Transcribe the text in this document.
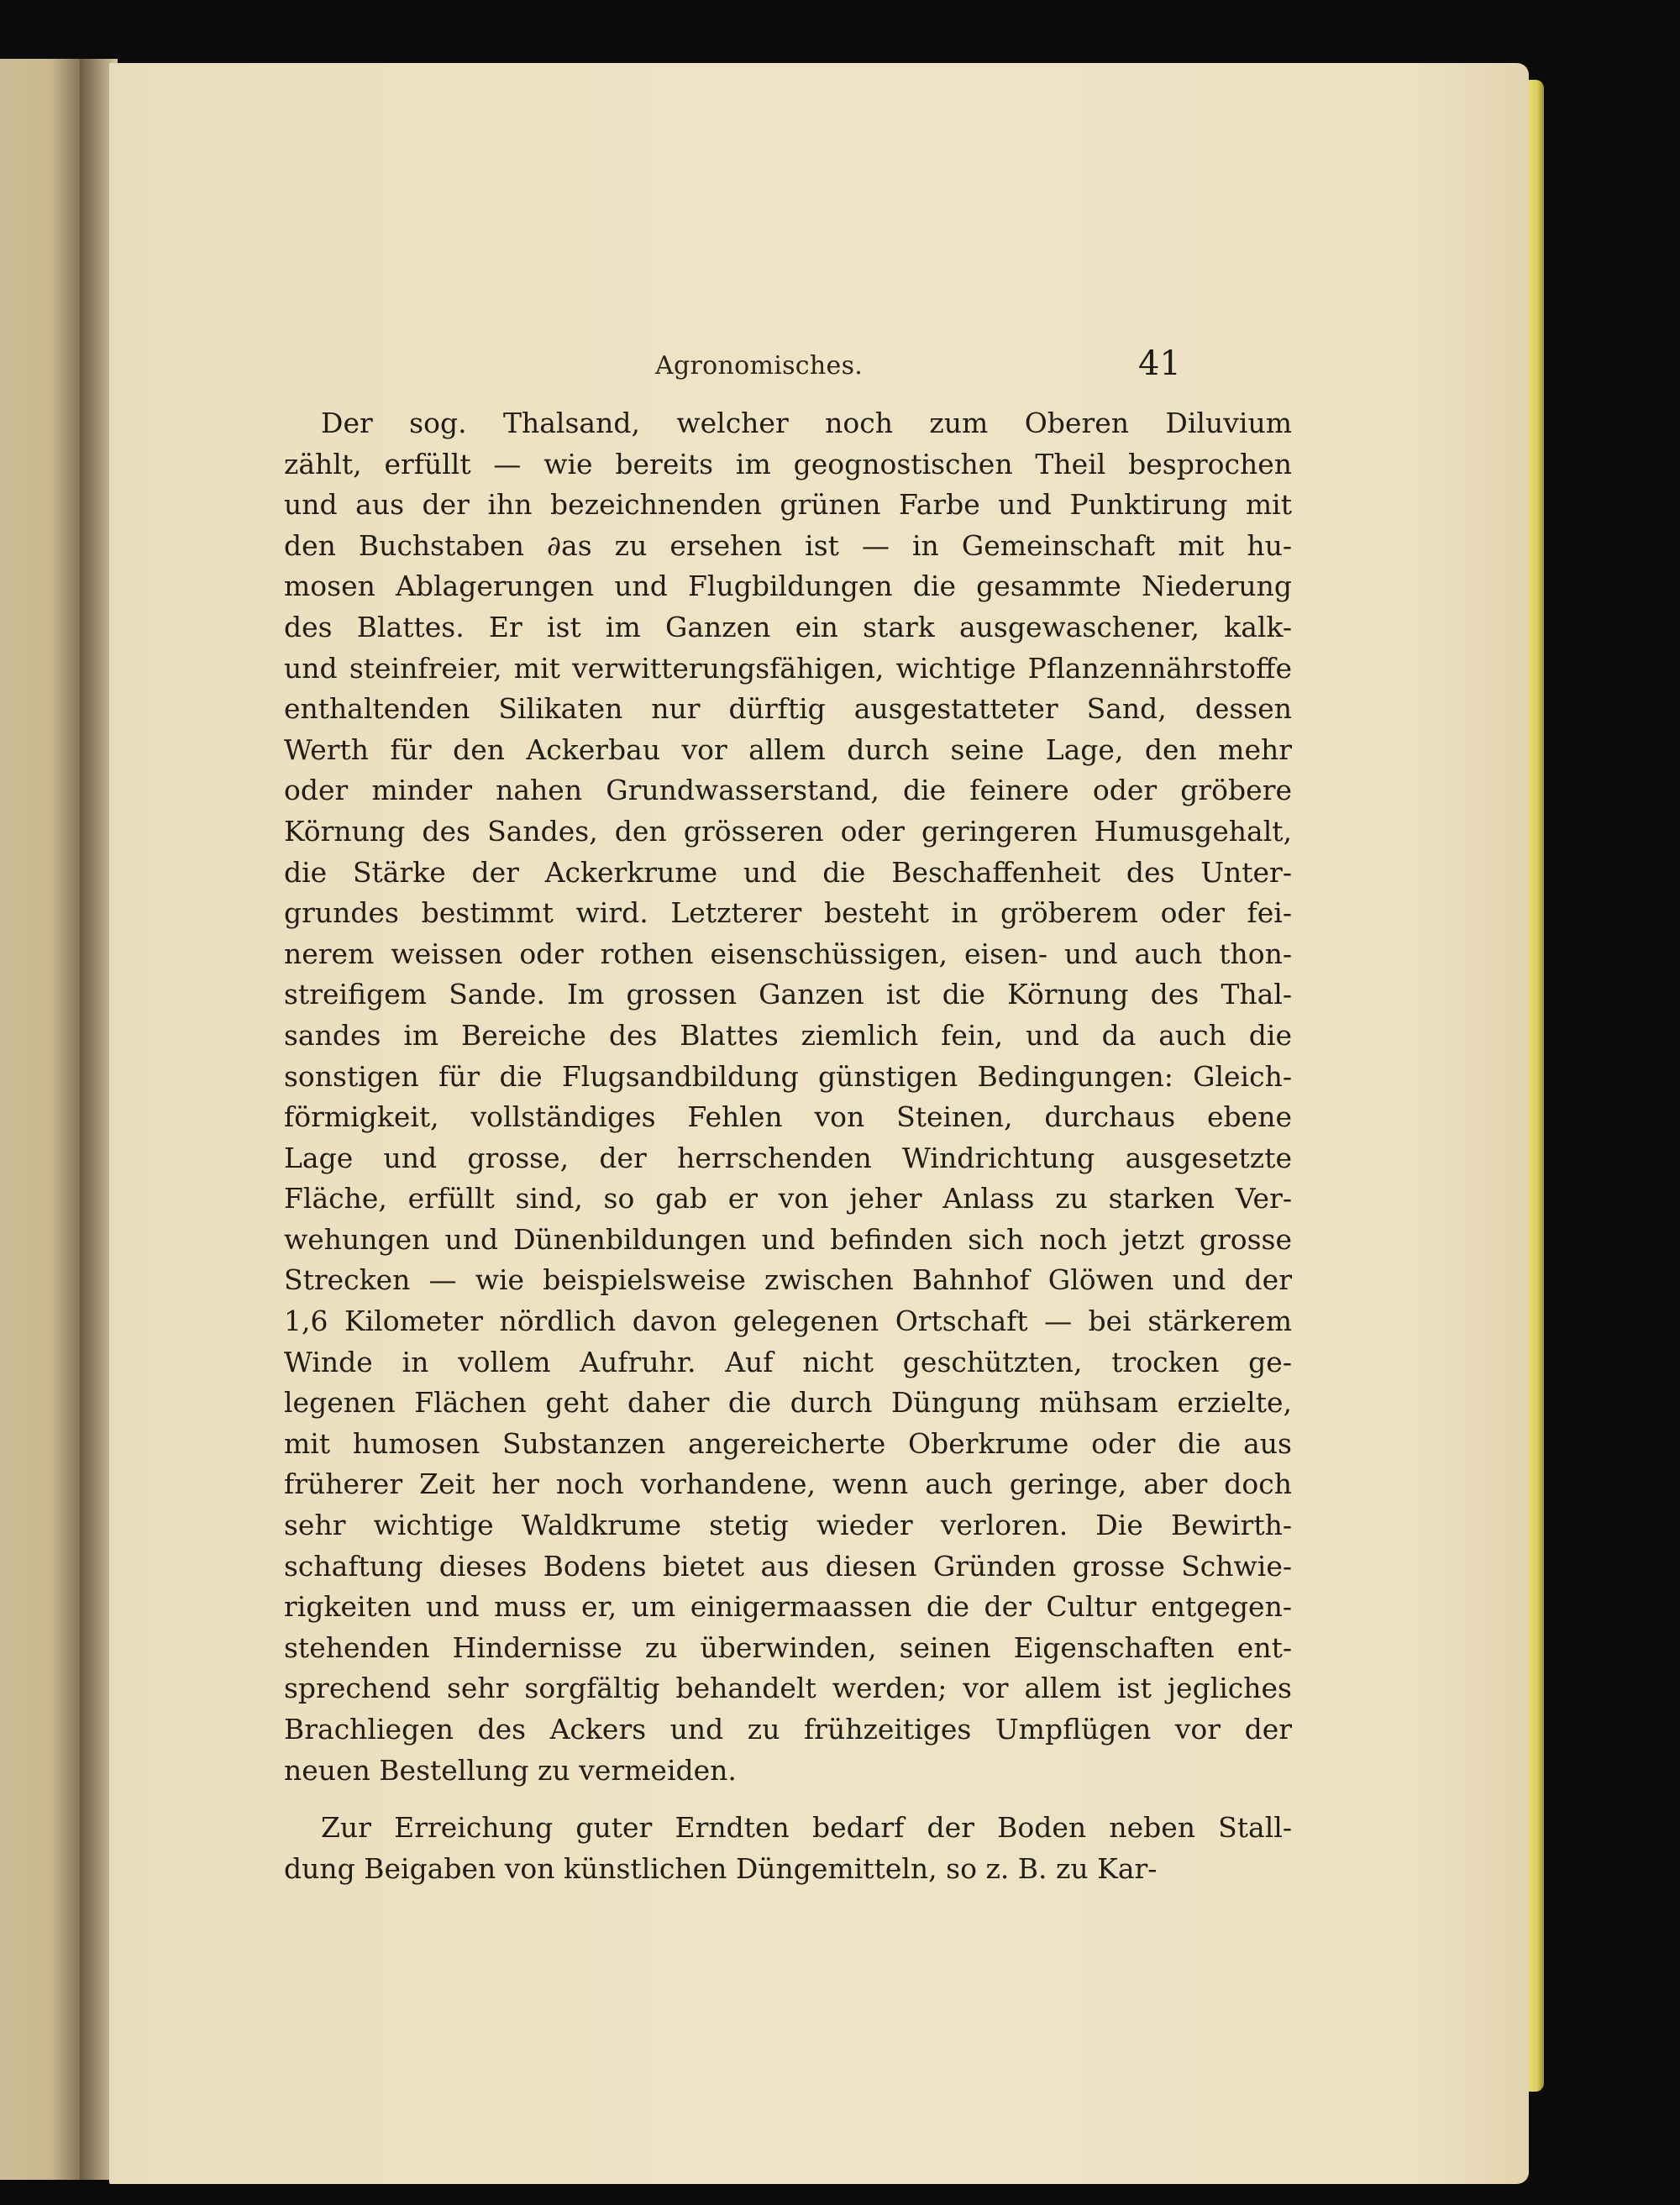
Agronomisches.	41
Der sog. Thalsand, welcher noch zum Oberen Diluvium
zählt, erfüllt — wie bereits im geognostischen Theil besprochen
und aus der ihn bezeichnenden grünen Farbe und Punktirung mit
den Buchstaben ∂as zu ersehen ist — in Gemeinschaft mit hu-
mosen Ablagerungen und Flugbildungen die gesammte Niederung
des Blattes. Er ist im Ganzen ein stark ausgewaschener, kalk-
und steinfreier, mit verwitterungsfähigen, wichtige Pflanzennährstoffe
enthaltenden Silikaten nur dürftig ausgestatteter Sand, dessen
Werth für den Ackerbau vor allem durch seine Lage, den mehr
oder minder nahen Grundwasserstand, die feinere oder gröbere
Körnung des Sandes, den grösseren oder geringeren Humusgehalt,
die Stärke der Ackerkrume und die Beschaffenheit des Unter-
grundes bestimmt wird. Letzterer besteht in gröberem oder fei-
nerem weissen oder rothen eisenschüssigen, eisen- und auch thon-
streifigem Sande. Im grossen Ganzen ist die Körnung des Thal-
sandes im Bereiche des Blattes ziemlich fein, und da auch die
sonstigen für die Flugsandbildung günstigen Bedingungen: Gleich-
förmigkeit, vollständiges Fehlen von Steinen, durchaus ebene
Lage und grosse, der herrschenden Windrichtung ausgesetzte
Fläche, erfüllt sind, so gab er von jeher Anlass zu starken Ver-
wehungen und Dünenbildungen und befinden sich noch jetzt grosse
Strecken — wie beispielsweise zwischen Bahnhof Glöwen und der
1,6 Kilometer nördlich davon gelegenen Ortschaft — bei stärkerem
Winde in vollem Aufruhr. Auf nicht geschützten, trocken ge-
legenen Flächen geht daher die durch Düngung mühsam erzielte,
mit humosen Substanzen angereicherte Oberkrume oder die aus
früherer Zeit her noch vorhandene, wenn auch geringe, aber doch
sehr wichtige Waldkrume stetig wieder verloren. Die Bewirth-
schaftung dieses Bodens bietet aus diesen Gründen grosse Schwie-
rigkeiten und muss er, um einigermaassen die der Cultur entgegen-
stehenden Hindernisse zu überwinden, seinen Eigenschaften ent-
sprechend sehr sorgfältig behandelt werden; vor allem ist jegliches
Brachliegen des Ackers und zu frühzeitiges Umpflügen vor der
neuen Bestellung zu vermeiden.
Zur Erreichung guter Erndten bedarf der Boden neben Stall-
dung Beigaben von künstlichen Düngemitteln, so z. B. zu Kar-
